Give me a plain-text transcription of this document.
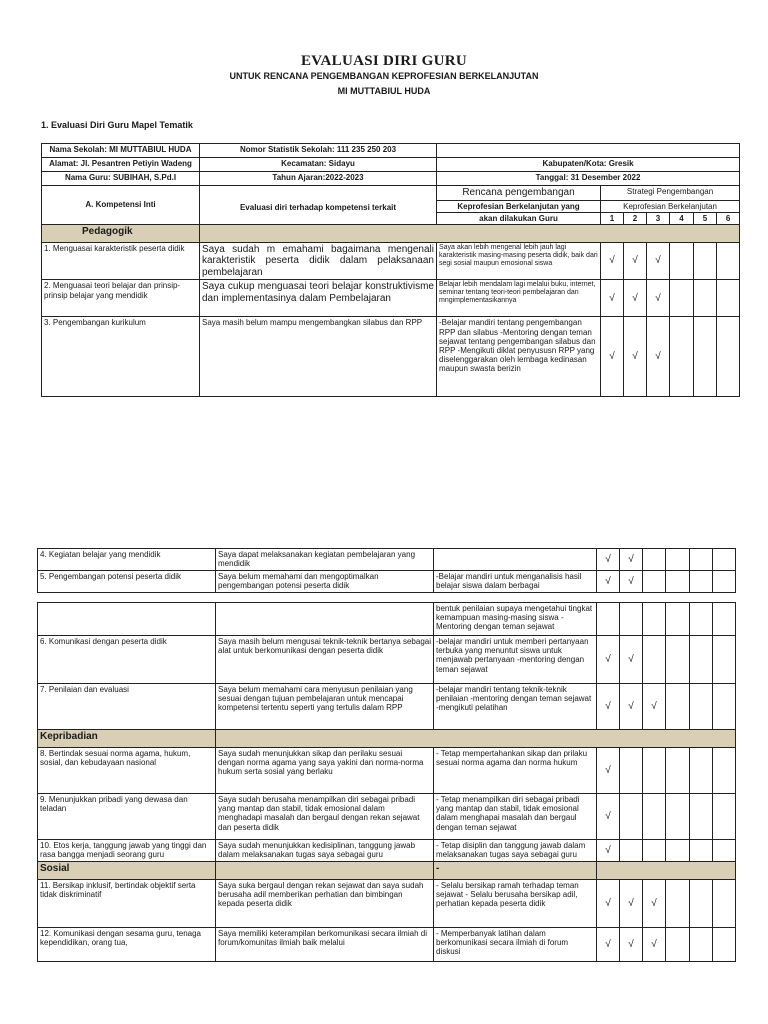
EVALUASI DIRI GURU
UNTUK RENCANA PENGEMBANGAN KEPROFESIAN BERKELANJUTAN
MI MUTTABIUL HUDA
1. Evaluasi Diri Guru Mapel Tematik
Nama Sekolah: MI MUTTABIUL HUDA	Nomor Statistik Sekolah: 111 235 250 203							
Alamat: Jl. Pesantren Petiyin Wadeng	Kecamatan: Sidayu	Kabupaten/Kota: Gresik						
Nama Guru: SUBIHAH, S.Pd.I	Tahun Ajaran:2022-2023	Tanggal: 31 Desember 2022						
A. Kompetensi Inti	Evaluasi diri terhadap kompetensi terkait	Rencana pengembangan	Strategi Pengembangan					
		Keprofesian Berkelanjutan yang	Keprofesian Berkelanjutan					
		akan dilakukan Guru	1	2	3	4	5	6
Pedagogik								
1. Menguasai karakteristik peserta didik	Saya sudah m emahami bagaimana mengenali karakteristik peserta didik dalam pelaksanaan pembelajaran	Saya akan lebih mengenal lebih jauh lagi karakteristik masing-masing peserta didik, baik dari segi sosial maupun emosional siswa	√	√	√			
2. Menguasai teori belajar dan prinsip-prinsip belajar yang mendidik	Saya cukup menguasai teori belajar konstruktivisme dan implementasinya dalam Pembelajaran	Belajar lebih mendalam lagi melalui buku, internet, seminar tentang teori-teori pembelajaran dan mngimplementasikannya	√	√	√			
3. Pengembangan kurikulum	Saya masih belum mampu mengembangkan silabus dan RPP	-Belajar mandiri tentang pengembangan RPP dan silabus -Mentoring dengan teman sejawat tentang pengembangan silabus dan RPP -Mengikuti diklat penyususn RPP yang diselenggarakan oleh lembaga kedinasan maupun swasta berizin	√	√	√			
4. Kegiatan belajar yang mendidik	Saya dapat melaksanakan kegiatan pembelajaran yang mendidik		√	√				
5. Pengembangan potensi peserta didik	Saya belum memahami dan mengoptimalkan pengembangan potensi peserta didik	-Belajar mandiri untuk menganalisis hasil belajar siswa dalam berbagai	√	√				
		bentuk penilaian supaya mengetahui tingkat kemampuan masing-masing siswa -Mentoring dengan teman sejawat						
6. Komunikasi dengan peserta didik	Saya masih belum mengusai teknik-teknik bertanya sebagai alat untuk berkomunikasi dengan peserta didik	-belajar mandiri untuk memberi pertanyaan terbuka yang menuntut siswa untuk menjawab pertanyaan -mentoring dengan teman sejawat	√	√				
7. Penilaian dan evaluasi	Saya belum memahami cara menyusun penilaian yang sesuai dengan tujuan pembelajaran untuk mencapai kompetensi tertentu seperti yang tertulis dalam RPP	-belajar mandiri tentang teknik-teknik penilaian -mentoring dengan teman sejawat -mengikuti pelatihan	√	√	√			
Kepribadian								
8. Bertindak sesuai norma agama, hukum, sosial, dan kebudayaan nasional	Saya sudah menunjukkan sikap dan perilaku sesuai dengan norma agama yang saya yakini dan norma-norma hukum serta sosial yang berlaku	- Tetap mempertahankan sikap dan prilaku sesuai norma agama dan norma hukum	√					
9. Menunjukkan pribadi yang dewasa dan teladan	Saya sudah berusaha menampilkan diri sebagai pribadi yang mantap dan stabil, tidak emosional dalam menghadapi masalah dan bergaul dengan rekan sejawat dan peserta didik	- Tetap menampilkan diri sebagai pribadi yang mantap dan stabil, tidak emosional dalam menghapai masalah dan bergaul dengan teman sejawat	√					
10. Etos kerja, tanggung jawab yang tinggi dan rasa bangga menjadi seorang guru	Saya sudah menunjukkan kedisiplinan, tanggung jawab dalam melaksanakan tugas saya sebagai guru	- Tetap disiplin dan tanggung jawab dalam melaksanakan tugas saya sebagai guru	√					
Sosial		-						
11. Bersikap inklusif, bertindak objektif serta tidak diskriminatif	Saya suka bergaul dengan rekan sejawat dan saya sudah berusaha adil memberikan perhatian dan bimbingan kepada peserta didik	- Selalu bersikap ramah terhadap teman sejawat - Selalu berusaha bersikap adil, perhatian kepada peserta didik	√	√	√			
12. Komunikasi dengan sesama guru, tenaga kependidikan, orang tua,	Saya memiliki keterampilan berkomunikasi secara ilmiah di forum/komunitas ilmiah baik melalui	- Memperbanyak latihan dalam berkomunikasi secara ilmiah di forum diskusi	√	√	√			
